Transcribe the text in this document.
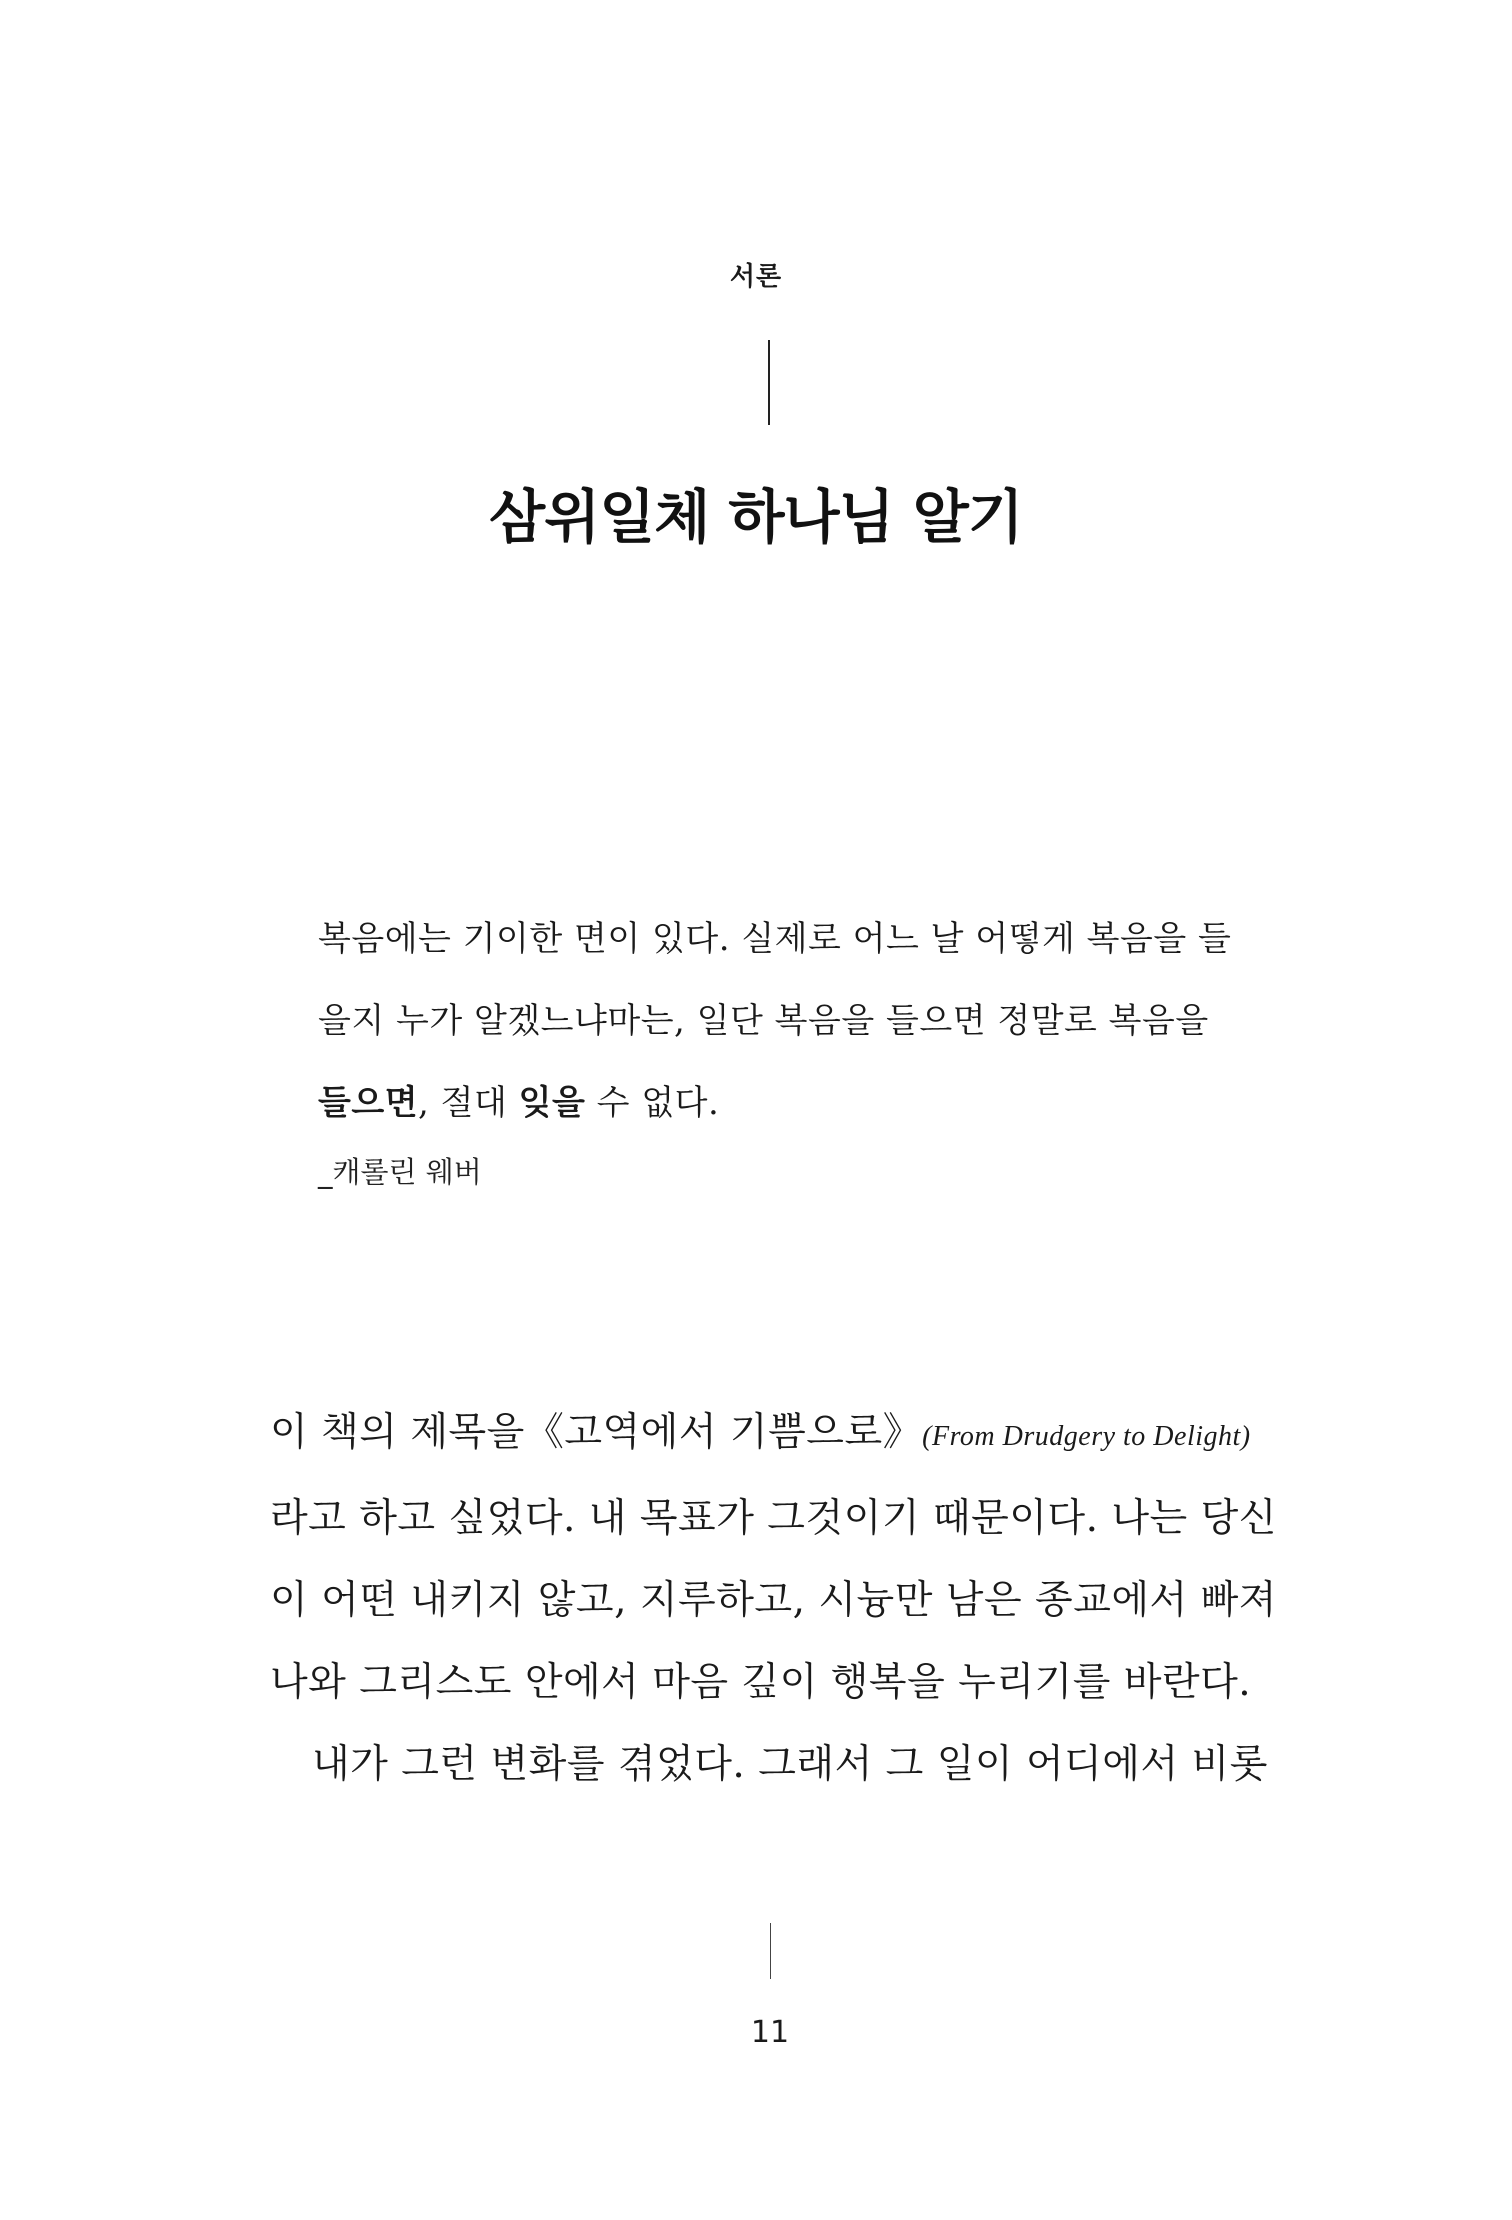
서론
삼위일체 하나님 알기
복음에는 기이한 면이 있다. 실제로 어느 날 어떻게 복음을 들
을지 누가 알겠느냐마는, 일단 복음을 들으면 정말로 복음을
들으면, 절대 잊을 수 없다.
_캐롤린 웨버
이 책의 제목을《고역에서 기쁨으로》(From Drudgery to Delight)
라고 하고 싶었다. 내 목표가 그것이기 때문이다. 나는 당신
이 어떤 내키지 않고, 지루하고, 시늉만 남은 종교에서 빠져
나와 그리스도 안에서 마음 깊이 행복을 누리기를 바란다.
내가 그런 변화를 겪었다. 그래서 그 일이 어디에서 비롯
11
